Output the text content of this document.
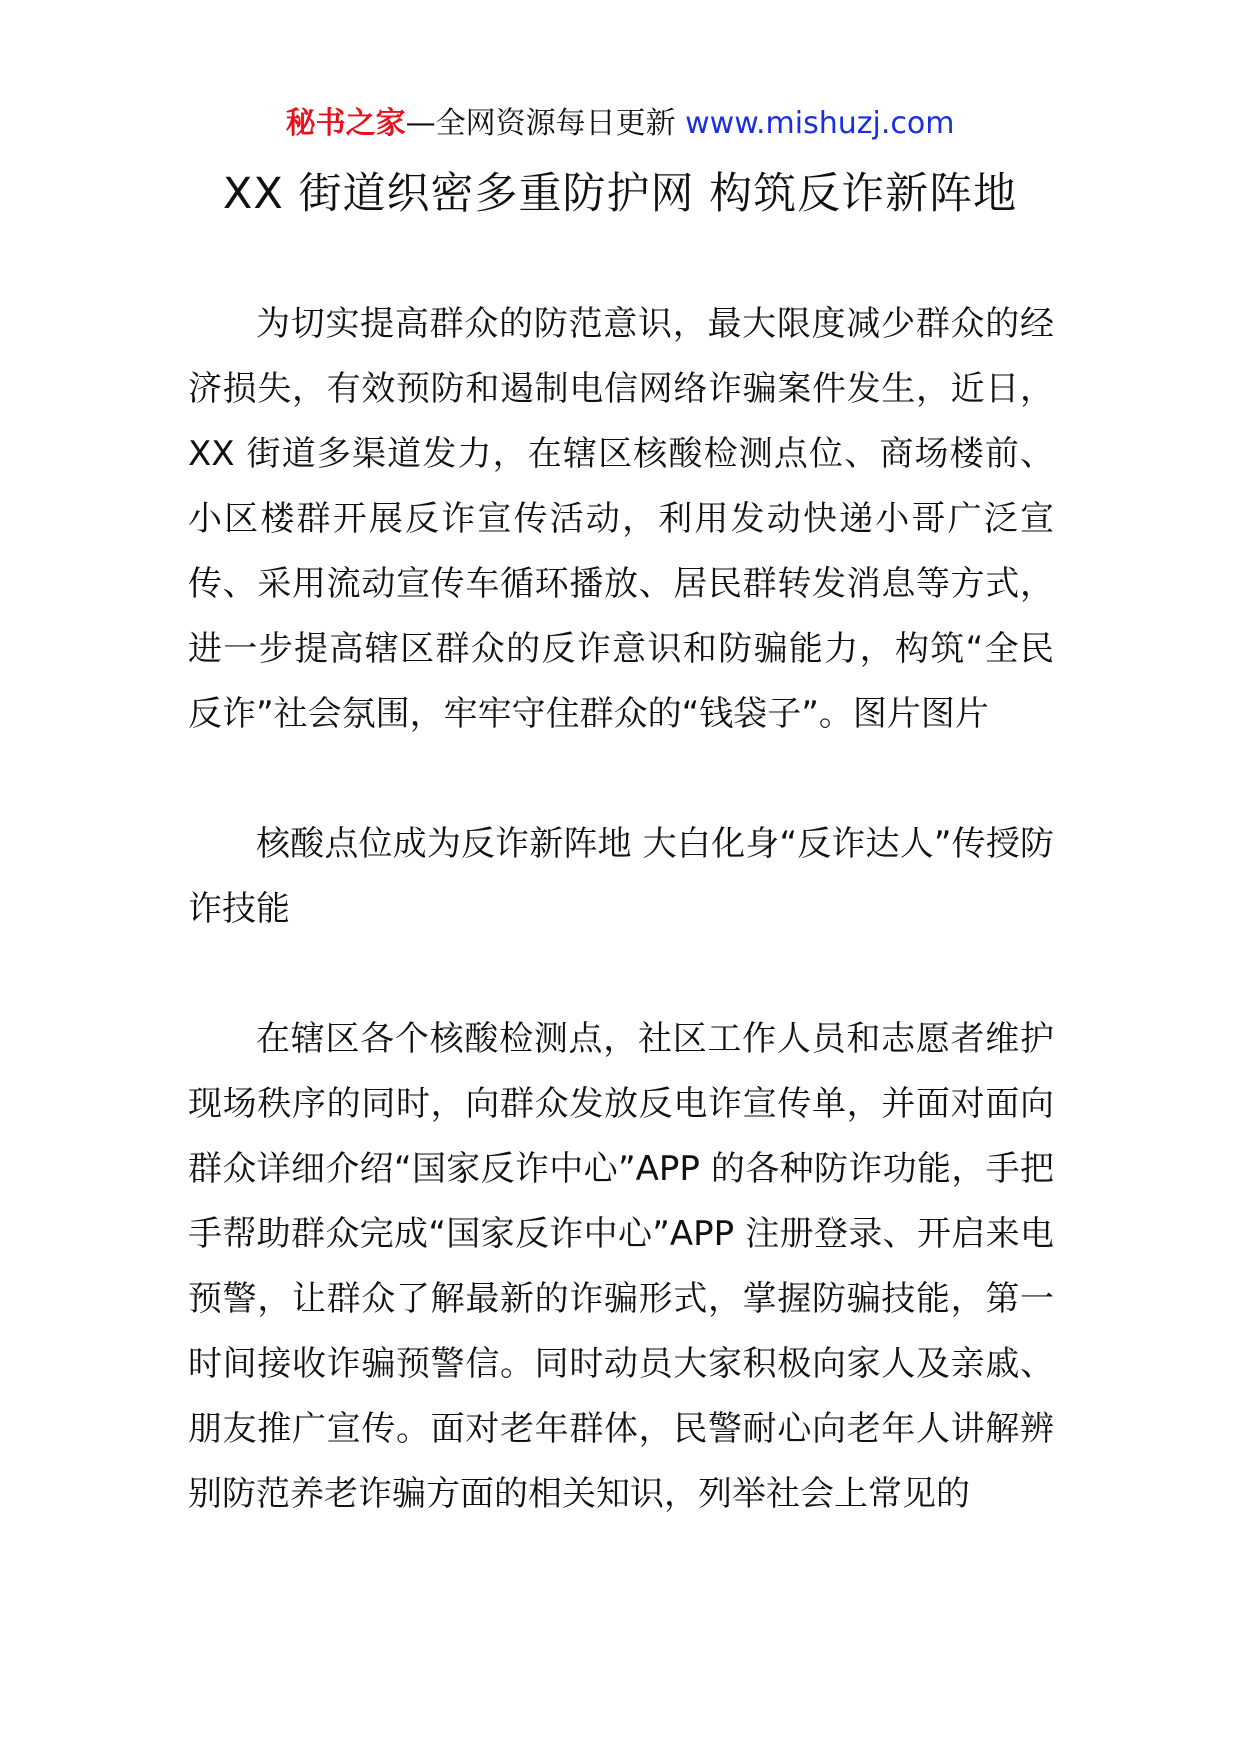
秘书之家—全网资源每日更新 www.mishuzj.com
XX 街道织密多重防护网 构筑反诈新阵地

为切实提高群众的防范意识，最大限度减少群众的经济损失，有效预防和遏制电信网络诈骗案件发生，近日，XX 街道多渠道发力，在辖区核酸检测点位、商场楼前、小区楼群开展反诈宣传活动，利用发动快递小哥广泛宣传、采用流动宣传车循环播放、居民群转发消息等方式，进一步提高辖区群众的反诈意识和防骗能力，构筑“全民反诈”社会氛围，牢牢守住群众的“钱袋子”。图片图片

核酸点位成为反诈新阵地 大白化身“反诈达人”传授防诈技能

在辖区各个核酸检测点，社区工作人员和志愿者维护现场秩序的同时，向群众发放反电诈宣传单，并面对面向群众详细介绍“国家反诈中心”APP 的各种防诈功能，手把手帮助群众完成“国家反诈中心”APP 注册登录、开启来电预警，让群众了解最新的诈骗形式，掌握防骗技能，第一时间接收诈骗预警信。同时动员大家积极向家人及亲戚、朋友推广宣传。面对老年群体，民警耐心向老年人讲解辨别防范养老诈骗方面的相关知识，列举社会上常见的
